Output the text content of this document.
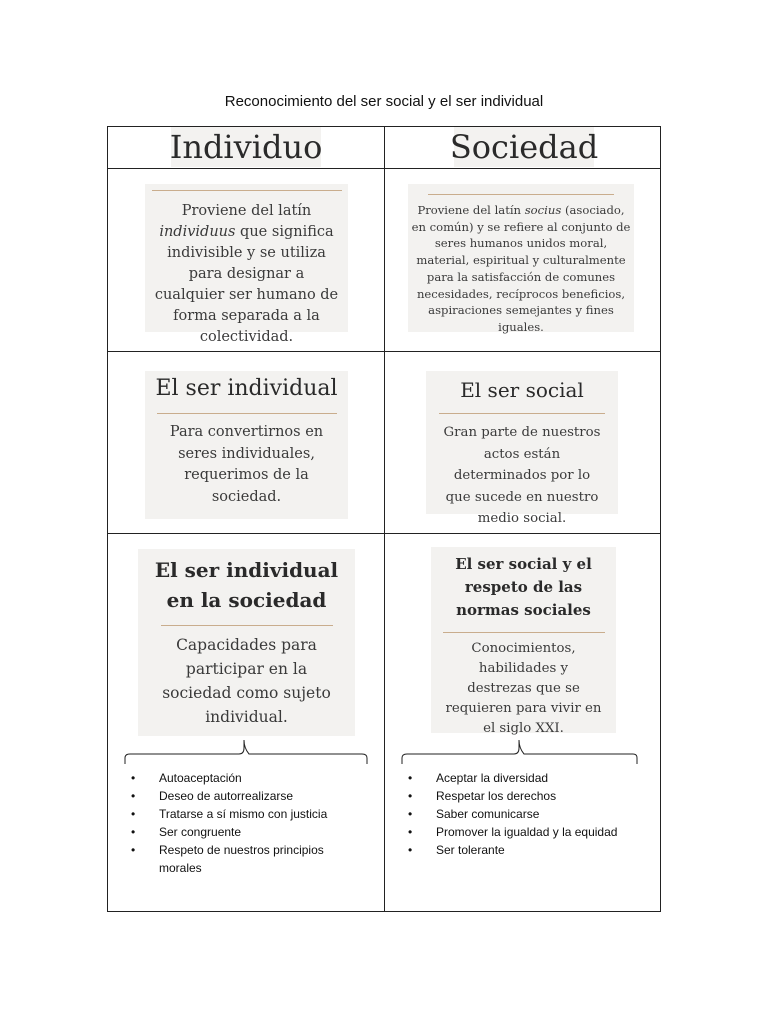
Reconocimiento del ser social y el ser individual
Individuo	Sociedad
Proviene del latín individuus que significa indivisible y se utiliza para designar a cualquier ser humano de forma separada a la colectividad.
Proviene del latín socius (asociado, en común) y se refiere al conjunto de seres humanos unidos moral, material, espiritual y culturalmente para la satisfacción de comunes necesidades, recíprocos beneficios, aspiraciones semejantes y fines iguales.
El ser individual
Para convertirnos en seres individuales, requerimos de la sociedad.
El ser social
Gran parte de nuestros actos están determinados por lo que sucede en nuestro medio social.
El ser individual en la sociedad
Capacidades para participar en la sociedad como sujeto individual.
El ser social y el respeto de las normas sociales
Conocimientos, habilidades y destrezas que se requieren para vivir en el siglo XXI.
• Autoaceptación
• Deseo de autorrealizarse
• Tratarse a sí mismo con justicia
• Ser congruente
• Respeto de nuestros principios morales
• Aceptar la diversidad
• Respetar los derechos
• Saber comunicarse
• Promover la igualdad y la equidad
• Ser tolerante
